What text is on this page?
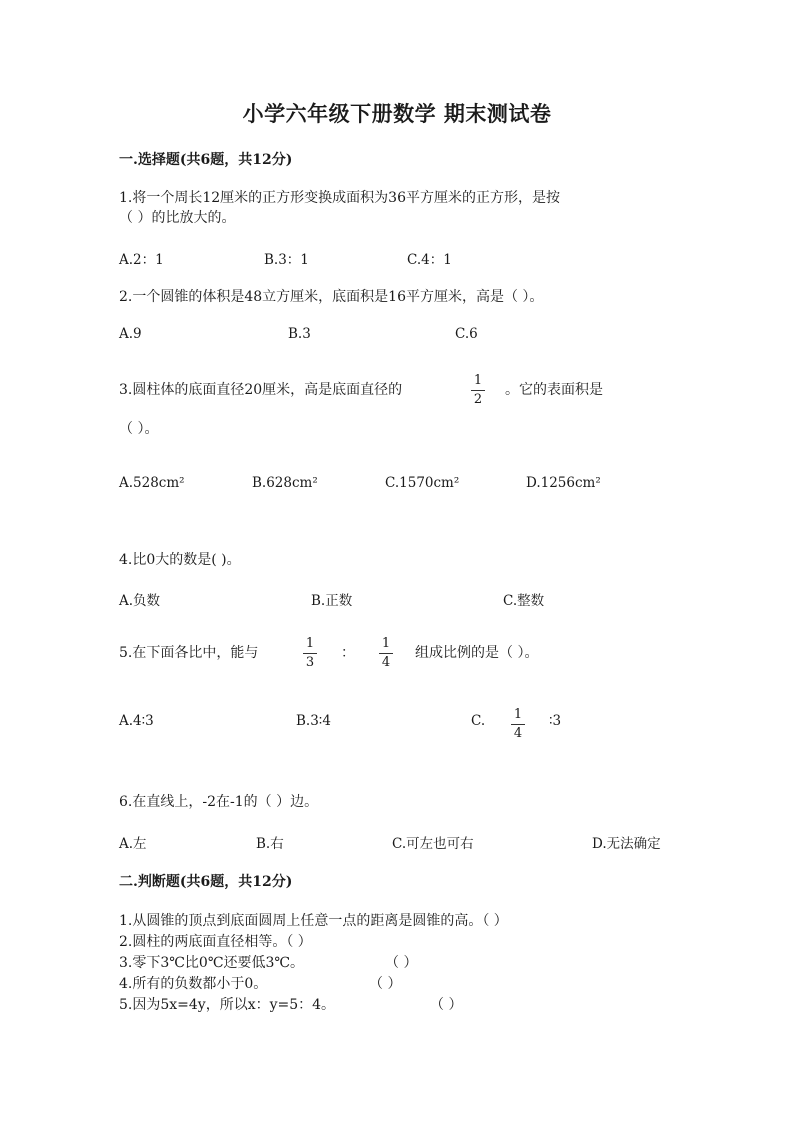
小学六年级下册数学 期末测试卷
一.选择题(共6题，共12分)
1.将一个周长12厘米的正方形变换成面积为36平方厘米的正方形，是按
（ ）的比放大的。
A.2：1	B.3：1	C.4：1
2.一个圆锥的体积是48立方厘米，底面积是16平方厘米，高是（ ）。
A.9	B.3	C.6
3.圆柱体的底面直径20厘米，高是底面直径的
1
2
。它的表面积是
（ ）。
A.528cm²	B.628cm²	C.1570cm²	D.1256cm²
4.比0大的数是( )。
A.负数	B.正数	C.整数
5.在下面各比中，能与
1
3
：
1
4
组成比例的是（ ）。
A.4∶3	B.3∶4	C.	1
4
∶3
6.在直线上，-2在-1的（ ）边。
A.左	B.右	C.可左也可右	D.无法确定
二.判断题(共6题，共12分)
1.从圆锥的顶点到底面圆周上任意一点的距离是圆锥的高。（ ）
2.圆柱的两底面直径相等。（ ）
3.零下3℃比0℃还要低3℃。	（ ）
4.所有的负数都小于0。	（ ）
5.因为5x=4y，所以x：y=5：4。	（ ）
